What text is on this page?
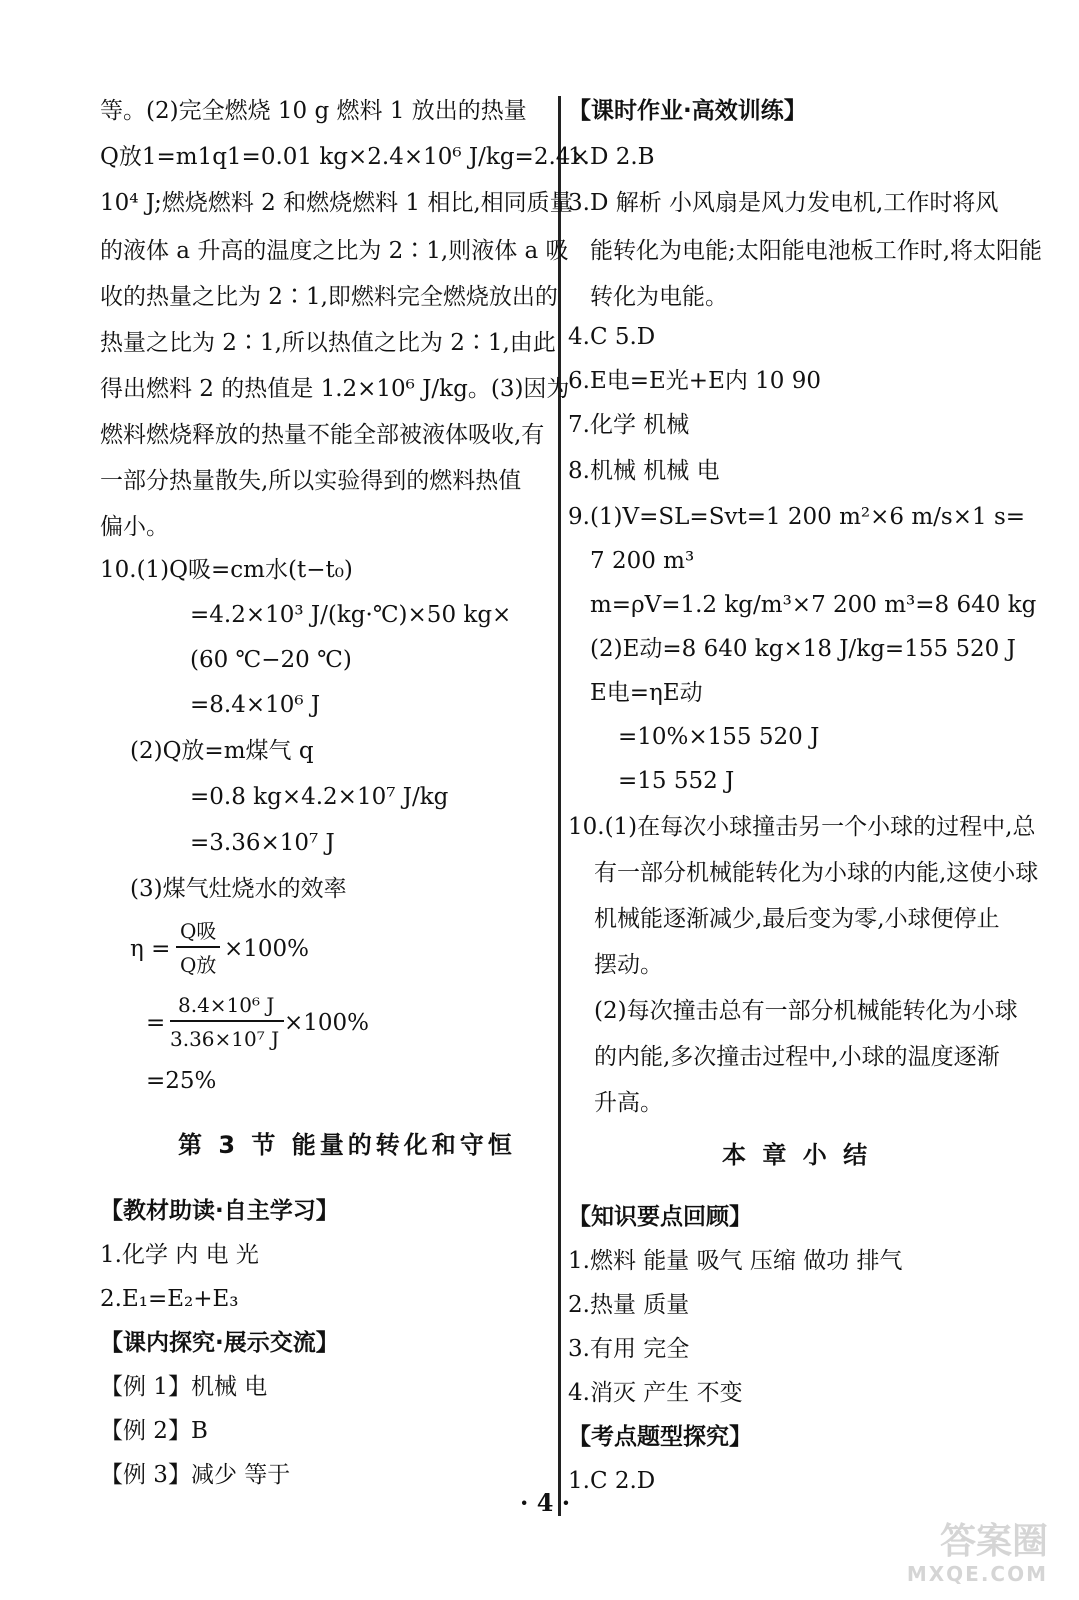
等。(2)完全燃烧 10 g 燃料 1 放出的热量
Q放1=m1q1=0.01 kg×2.4×10⁶ J/kg=2.4×
10⁴ J;燃烧燃料 2 和燃烧燃料 1 相比,相同质量
的液体 a 升高的温度之比为 2∶1,则液体 a 吸
收的热量之比为 2∶1,即燃料完全燃烧放出的
热量之比为 2∶1,所以热值之比为 2∶1,由此
得出燃料 2 的热值是 1.2×10⁶ J/kg。(3)因为
燃料燃烧释放的热量不能全部被液体吸收,有
一部分热量散失,所以实验得到的燃料热值
偏小。
10.(1)Q吸=cm水(t−t₀)
=4.2×10³ J/(kg·℃)×50 kg×
(60 ℃−20 ℃)
=8.4×10⁶ J
(2)Q放=m煤气 q
=0.8 kg×4.2×10⁷ J/kg
=3.36×10⁷ J
(3)煤气灶烧水的效率
η =
Q吸
Q放
×100%
=
8.4×10⁶ J
3.36×10⁷ J
×100%
=25%
第 3 节 能量的转化和守恒
【教材助读·自主学习】
1.化学 内 电 光
2.E₁=E₂+E₃
【课内探究·展示交流】
【例 1】机械 电
【例 2】B
【例 3】减少 等于
【课时作业·高效训练】
1.D 2.B
3.D 解析 小风扇是风力发电机,工作时将风
能转化为电能;太阳能电池板工作时,将太阳能
转化为电能。
4.C 5.D
6.E电=E光+E内 10 90
7.化学 机械
8.机械 机械 电
9.(1)V=SL=Svt=1 200 m²×6 m/s×1 s=
7 200 m³
m=ρV=1.2 kg/m³×7 200 m³=8 640 kg
(2)E动=8 640 kg×18 J/kg=155 520 J
E电=ηE动
=10%×155 520 J
=15 552 J
10.(1)在每次小球撞击另一个小球的过程中,总
有一部分机械能转化为小球的内能,这使小球
机械能逐渐减少,最后变为零,小球便停止
摆动。
(2)每次撞击总有一部分机械能转化为小球
的内能,多次撞击过程中,小球的温度逐渐
升高。
本 章 小 结
【知识要点回顾】
1.燃料 能量 吸气 压缩 做功 排气
2.热量 质量
3.有用 完全
4.消灭 产生 不变
【考点题型探究】
1.C 2.D
· 4 ·
答案圈
MXQE.COM
